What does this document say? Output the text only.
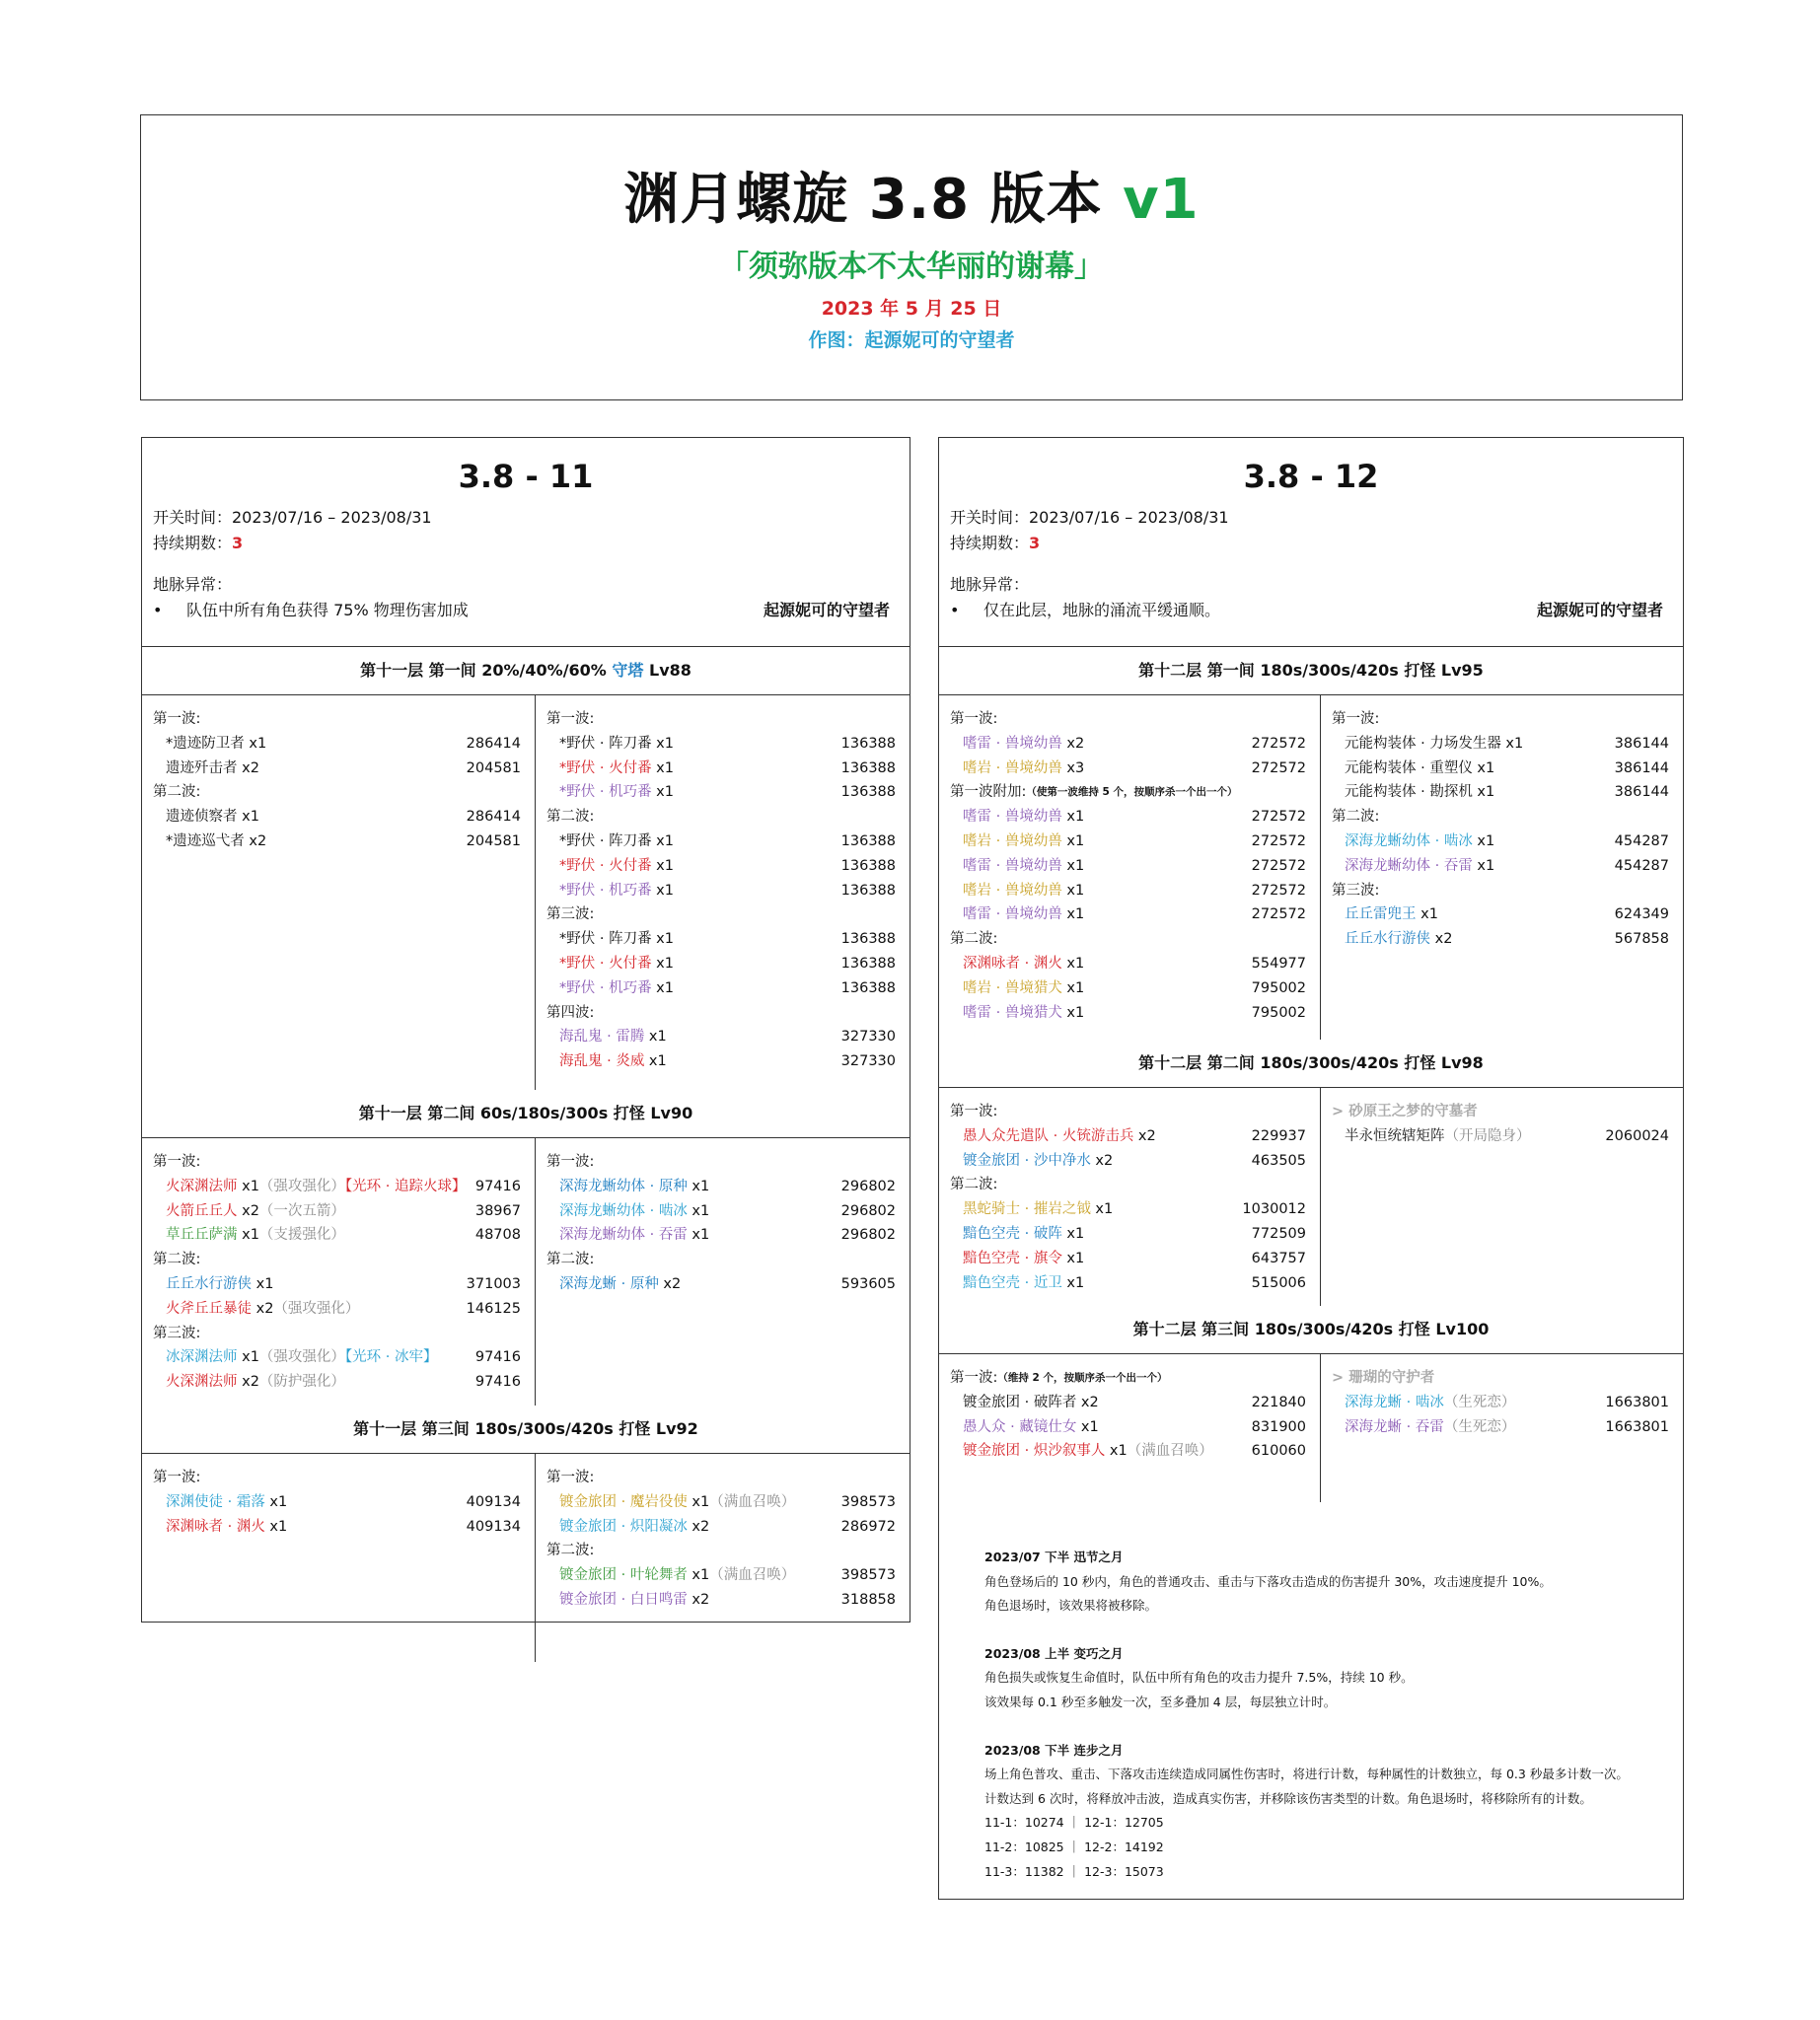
渊月螺旋 3.8 版本 v1
「须弥版本不太华丽的谢幕」
2023 年 5 月 25 日
作图：起源妮可的守望者
3.8 - 11
开关时间：2023/07/16 – 2023/08/31
持续期数：3
地脉异常：
• 队伍中所有角色获得 75% 物理伤害加成	起源妮可的守望者
第十一层 第一间 20%/40%/60% 守塔 Lv88
第一波:
*遗迹防卫者 x1	286414
遗迹歼击者 x2	204581
第二波:
遗迹侦察者 x1	286414
*遗迹巡弋者 x2	204581
第一波:
*野伏 · 阵刀番 x1	136388
*野伏 · 火付番 x1	136388
*野伏 · 机巧番 x1	136388
第二波:
*野伏 · 阵刀番 x1	136388
*野伏 · 火付番 x1	136388
*野伏 · 机巧番 x1	136388
第三波:
*野伏 · 阵刀番 x1	136388
*野伏 · 火付番 x1	136388
*野伏 · 机巧番 x1	136388
第四波:
海乱鬼 · 雷腾 x1	327330
海乱鬼 · 炎威 x1	327330
第十一层 第二间 60s/180s/300s 打怪 Lv90
第一波:
火深渊法师 x1（强攻强化）【光环 · 追踪火球】 97416
火箭丘丘人 x2（一次五箭）	38967
草丘丘萨满 x1（支援强化）	48708
第二波:
丘丘水行游侠 x1	371003
火斧丘丘暴徒 x2（强攻强化）	146125
第三波:
冰深渊法师 x1（强攻强化）【光环 · 冰牢】	97416
火深渊法师 x2（防护强化）	97416
第一波:
深海龙蜥幼体 · 原种 x1	296802
深海龙蜥幼体 · 啮冰 x1	296802
深海龙蜥幼体 · 吞雷 x1	296802
第二波:
深海龙蜥 · 原种 x2	593605
第十一层 第三间 180s/300s/420s 打怪 Lv92
第一波:
深渊使徒 · 霜落 x1	409134
深渊咏者 · 渊火 x1	409134
第一波:
镀金旅团 · 魔岩役使 x1（满血召唤）	398573
镀金旅团 · 炽阳凝冰 x2	286972
第二波:
镀金旅团 · 叶轮舞者 x1（满血召唤）	398573
镀金旅团 · 白日鸣雷 x2	318858
3.8 - 12
开关时间：2023/07/16 – 2023/08/31
持续期数：3
地脉异常：
• 仅在此层，地脉的涌流平缓通顺。	起源妮可的守望者
第十二层 第一间 180s/300s/420s 打怪 Lv95
第一波:
嗜雷 · 兽境幼兽 x2	272572
嗜岩 · 兽境幼兽 x3	272572
第一波附加: （使第一波维持 5 个，按顺序杀一个出一个）
嗜雷 · 兽境幼兽 x1	272572
嗜岩 · 兽境幼兽 x1	272572
嗜雷 · 兽境幼兽 x1	272572
嗜岩 · 兽境幼兽 x1	272572
嗜雷 · 兽境幼兽 x1	272572
第二波:
深渊咏者 · 渊火 x1	554977
嗜岩 · 兽境猎犬 x1	795002
嗜雷 · 兽境猎犬 x1	795002
第一波:
元能构装体 · 力场发生器 x1	386144
元能构装体 · 重塑仪 x1	386144
元能构装体 · 勘探机 x1	386144
第二波:
深海龙蜥幼体 · 啮冰 x1	454287
深海龙蜥幼体 · 吞雷 x1	454287
第三波:
丘丘雷兜王 x1	624349
丘丘水行游侠 x2	567858
第十二层 第二间 180s/300s/420s 打怪 Lv98
第一波:
愚人众先遣队 · 火铳游击兵 x2	229937
镀金旅团 · 沙中净水 x2	463505
第二波:
黑蛇骑士 · 摧岩之钺 x1	1030012
黯色空壳 · 破阵 x1	772509
黯色空壳 · 旗令 x1	643757
黯色空壳 · 近卫 x1	515006
> 砂原王之梦的守墓者
半永恒统辖矩阵（开局隐身）	2060024
第十二层 第三间 180s/300s/420s 打怪 Lv100
第一波: （维持 2 个，按顺序杀一个出一个）
镀金旅团 · 破阵者 x2	221840
愚人众 · 藏镜仕女 x1	831900
镀金旅团 · 炽沙叙事人 x1（满血召唤）	610060
> 珊瑚的守护者
深海龙蜥 · 啮冰（生死恋）	1663801
深海龙蜥 · 吞雷（生死恋）	1663801
2023/07 下半 迅节之月
角色登场后的 10 秒内，角色的普通攻击、重击与下落攻击造成的伤害提升 30%，攻击速度提升 10%。
角色退场时，该效果将被移除。
2023/08 上半 变巧之月
角色损失或恢复生命值时，队伍中所有角色的攻击力提升 7.5%，持续 10 秒。
该效果每 0.1 秒至多触发一次，至多叠加 4 层，每层独立计时。
2023/08 下半 连步之月
场上角色普攻、重击、下落攻击连续造成同属性伤害时，将进行计数，每种属性的计数独立，每 0.3 秒最多计数一次。
计数达到 6 次时，将释放冲击波，造成真实伤害，并移除该伤害类型的计数。角色退场时，将移除所有的计数。
11-1：10274 ｜ 12-1：12705
11-2：10825 ｜ 12-2：14192
11-3：11382 ｜ 12-3：15073
